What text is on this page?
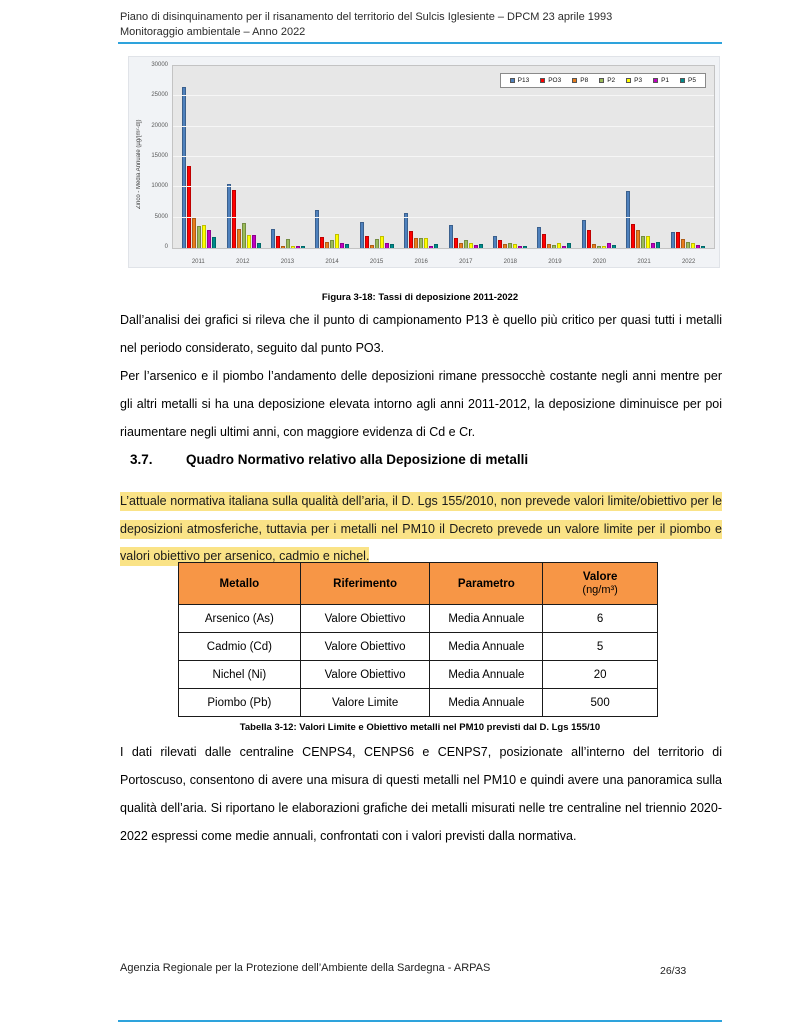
Piano di disinquinamento per il risanamento del territorio del Sulcis Iglesiente – DPCM 23 aprile 1993
Monitoraggio ambientale – Anno 2022
Zinco - Media Annuale (µg/[m²·d])
0
5000
10000
15000
20000
25000
30000
P13	PO3	P8	P2	P3	P1	P5
2011	2012	2013	2014	2015	2016	2017	2018	2019	2020	2021	2022
Figura 3-18: Tassi di deposizione 2011-2022

Dall’analisi dei grafici si rileva che il punto di campionamento P13 è quello più critico per quasi tutti i metalli nel periodo considerato, seguito dal punto PO3.

Per l’arsenico e il piombo l’andamento delle deposizioni rimane pressocchè costante negli anni mentre per gli altri metalli si ha una deposizione elevata intorno agli anni 2011-2012, la deposizione diminuisce per poi riaumentare negli ultimi anni, con maggiore evidenza di Cd e Cr.

3.7. Quadro Normativo relativo alla Deposizione di metalli

L’attuale normativa italiana sulla qualità dell’aria, il D. Lgs 155/2010, non prevede valori limite/obiettivo per le deposizioni atmosferiche, tuttavia per i metalli nel PM10 il Decreto prevede un valore limite per il piombo e valori obiettivo per arsenico, cadmio e nichel.

Metallo	Riferimento	Parametro	Valore
(ng/m³)

Arsenico (As)	Valore Obiettivo	Media Annuale	6
Cadmio (Cd)	Valore Obiettivo	Media Annuale	5
Nichel (Ni)	Valore Obiettivo	Media Annuale	20
Piombo (Pb)	Valore Limite	Media Annuale	500
Tabella 3-12: Valori Limite e Obiettivo metalli nel PM10 previsti dal D. Lgs 155/10

I dati rilevati dalle centraline CENPS4, CENPS6 e CENPS7, posizionate all’interno del territorio di Portoscuso, consentono di avere una misura di questi metalli nel PM10 e quindi avere una panoramica sulla qualità dell’aria. Si riportano le elaborazioni grafiche dei metalli misurati nelle tre centraline nel triennio 2020-2022 espressi come medie annuali, confrontati con i valori previsti dalla normativa.

Agenzia Regionale per la Protezione dell’Ambiente della Sardegna - ARPAS	26/33
